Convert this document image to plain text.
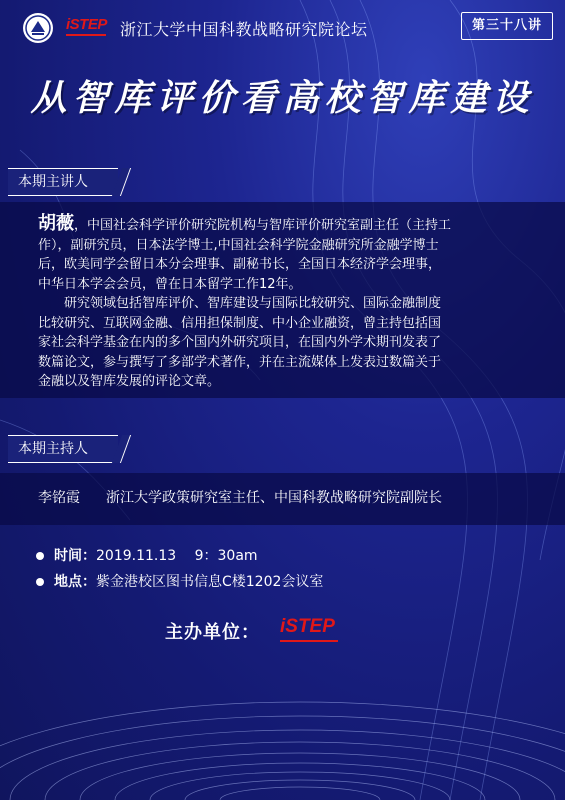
iSTEP 浙江大学中国科教战略研究院论坛	第三十八讲
从智库评价看高校智库建设
本期主讲人

胡薇，中国社会科学评价研究院机构与智库评价研究室副主任（主持工

作），副研究员，日本法学博士,中国社会科学院金融研究所金融学博士

后，欧美同学会留日本分会理事、副秘书长，全国日本经济学会理事，

中华日本学会会员，曾在日本留学工作12年。

　　研究领域包括智库评价、智库建设与国际比较研究、国际金融制度

比较研究、互联网金融、信用担保制度、中小企业融资，曾主持包括国

家社会科学基金在内的多个国内外研究项目，在国内外学术期刊发表了

数篇论文，参与撰写了多部学术著作，并在主流媒体上发表过数篇关于

金融以及智库发展的评论文章。

本期主持人
李铭霞 浙江大学政策研究室主任、中国科教战略研究院副院长
时间：2019.11.13　 9：30am
地点：紫金港校区图书信息C楼1202会议室
主办单位： iSTEP
